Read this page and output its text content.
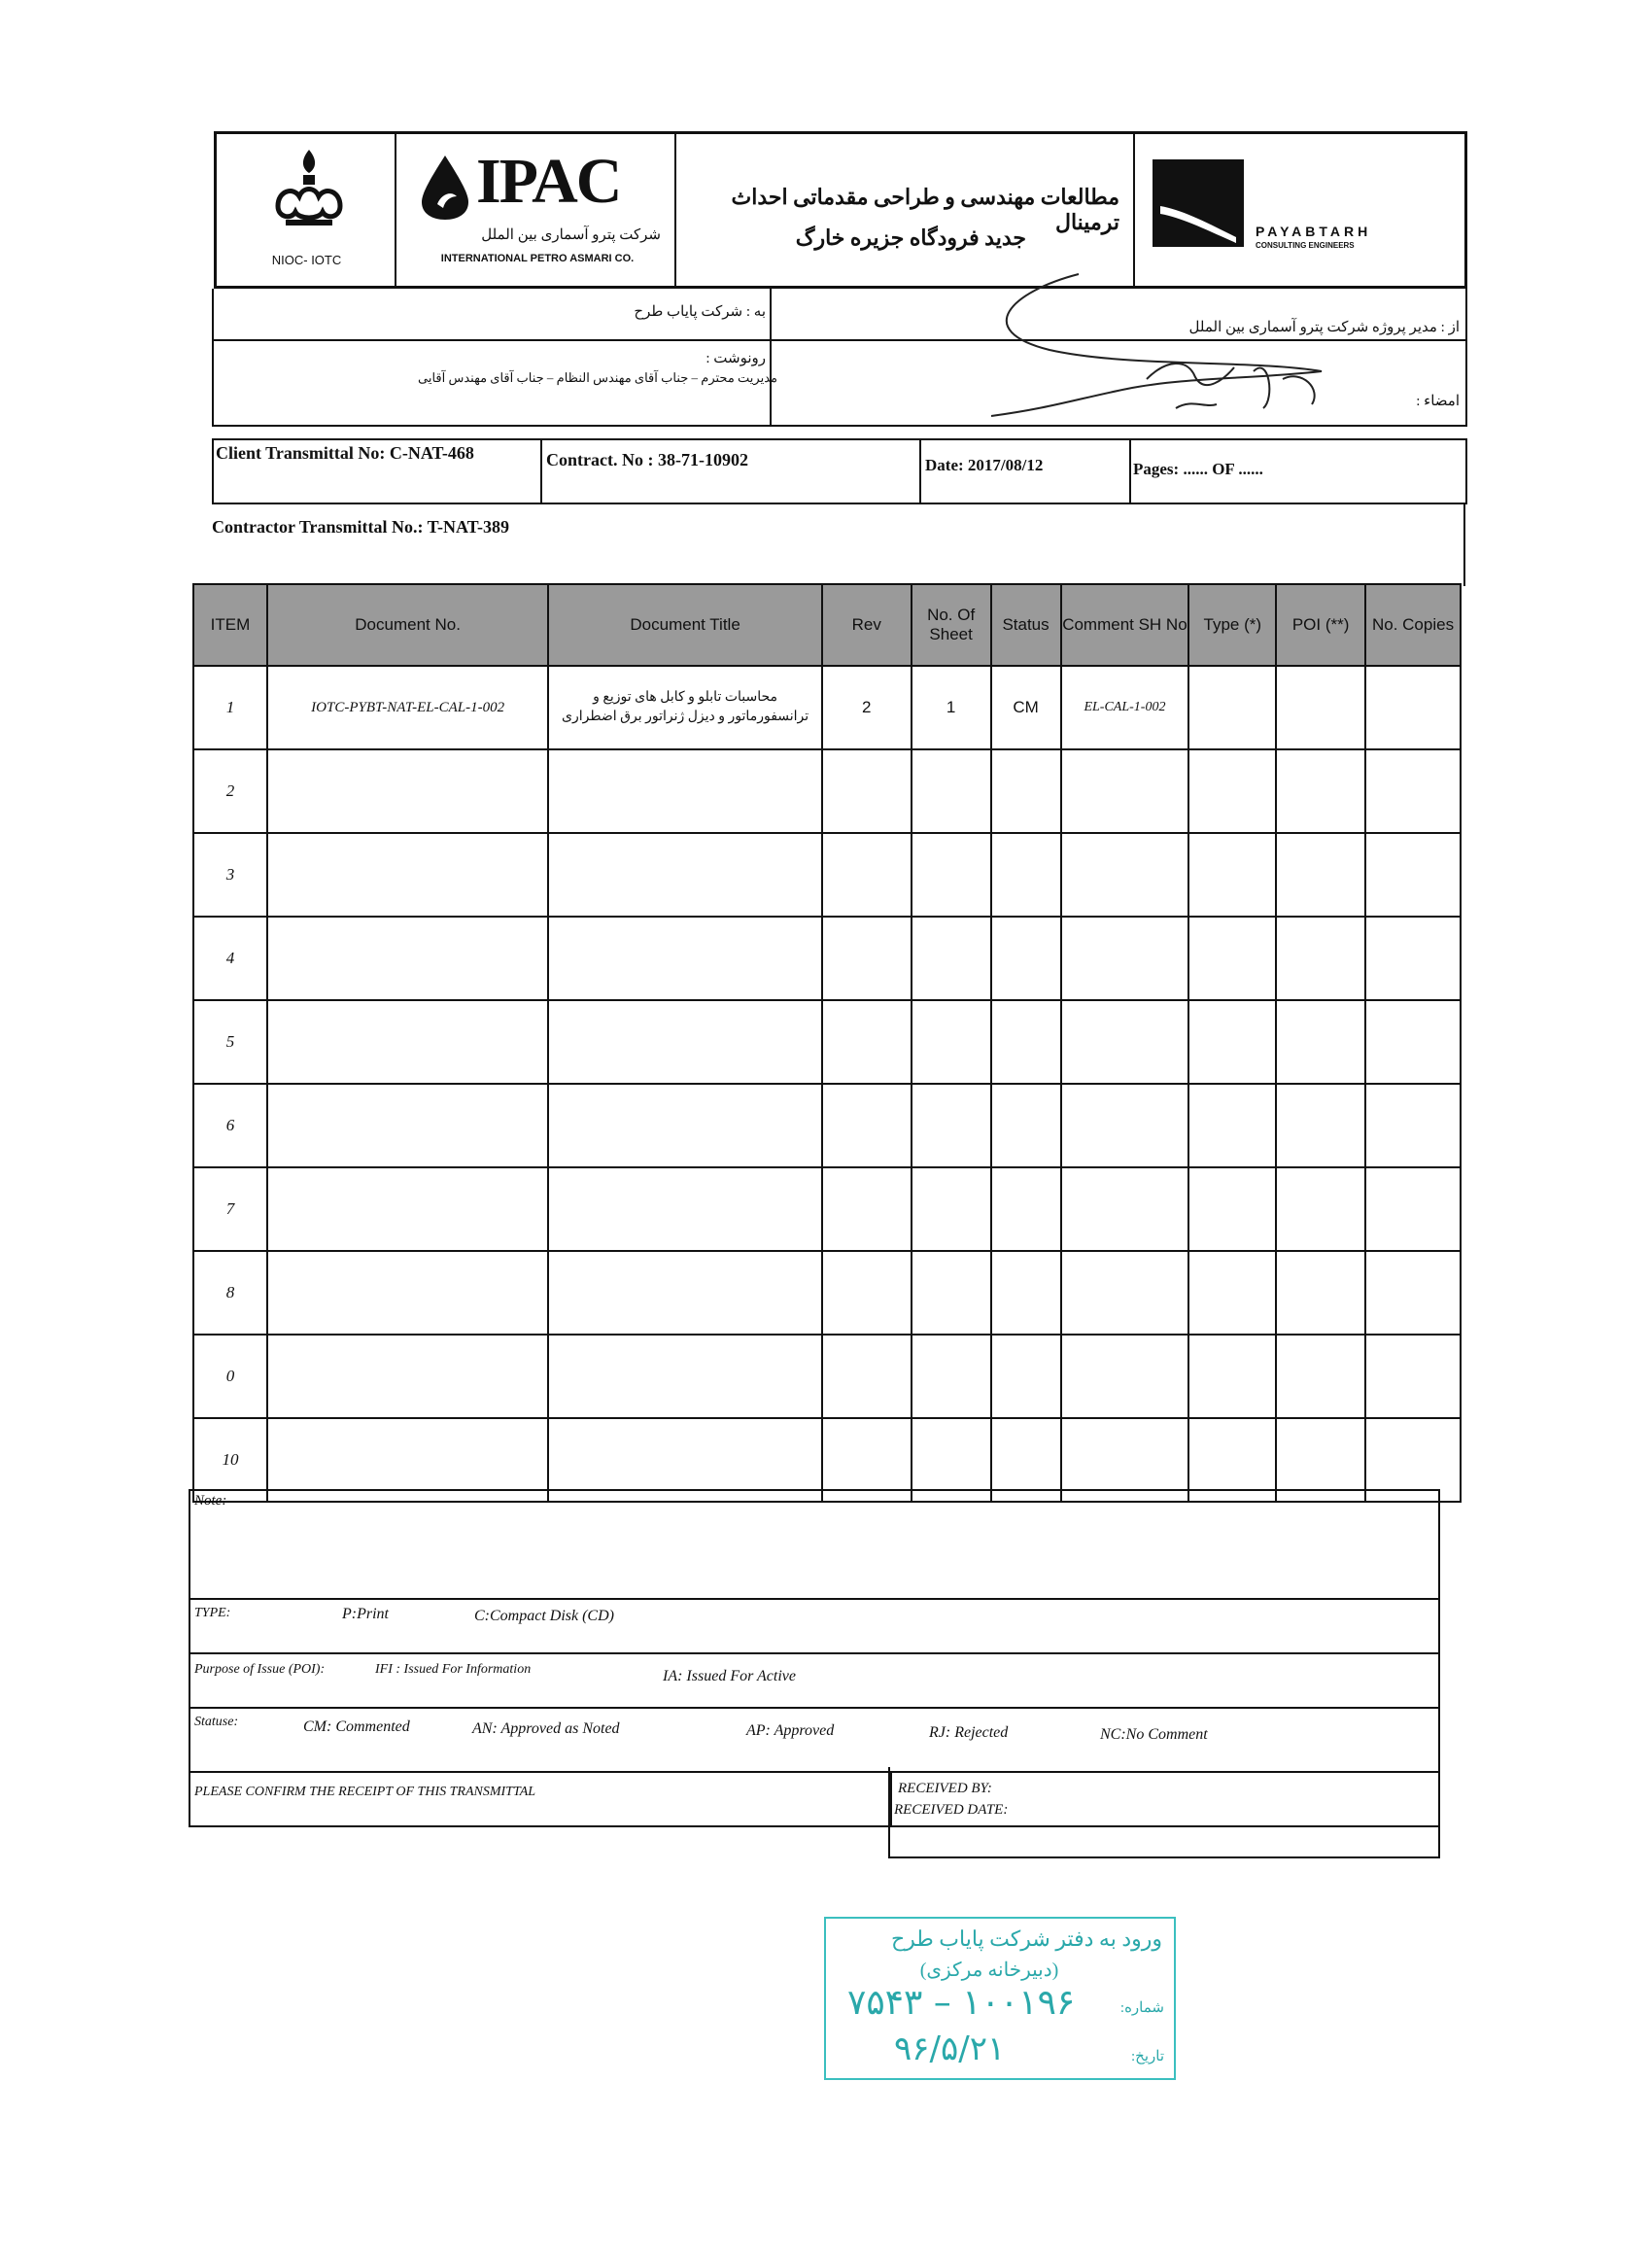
NIOC- IOTC
IPAC
شرکت پترو آسماری بین الملل
INTERNATIONAL PETRO ASMARI CO.
مطالعات مهندسی و طراحی مقدماتی احداث ترمینال
جدید فرودگاه جزیره خارگ	PAYABTARH
CONSULTING ENGINEERS
به : شرکت پایاب طرح
از : مدیر پروژه شرکت پترو آسماری بین الملل
رونوشت :
مدیریت محترم – جناب آقای مهندس النظام – جناب آقای مهندس آقایی
امضاء :
Client Transmittal No: C-NAT-468	Contract. No : 38-71-10902	Date: 2017/08/12	Pages: ...... OF ......
Contractor Transmittal No.: T-NAT-389
ITEM	Document No.	Document Title	Rev	No. Of Sheet	Status	Comment SH No	Type (*)	POI (**)	No. Copies
1	IOTC-PYBT-NAT-EL-CAL-1-002	محاسبات تابلو و کابل های توزیع و ترانسفورماتور و دیزل ژنراتور برق اضطراری	2	1	CM	EL-CAL-1-002			
2									
3									
4									
5									
6									
7									
8									
0									
10									
Note:
TYPE:	P:Print	C:Compact Disk (CD)
Purpose of Issue (POI):	IFI : Issued For Information	IA: Issued For Active
Statuse:	CM: Commented	AN: Approved as Noted	AP: Approved	RJ: Rejected	NC:No Comment
PLEASE CONFIRM THE RECEIPT OF THIS TRANSMITTAL	RECEIVED BY:
RECEIVED DATE:
ورود به دفتر شرکت پایاب طرح
(دبیرخانه مرکزی)
شماره:
۱۰۰۱۹۶ – ۷۵۴۳
تاریخ:
۹۶/۵/۲۱
